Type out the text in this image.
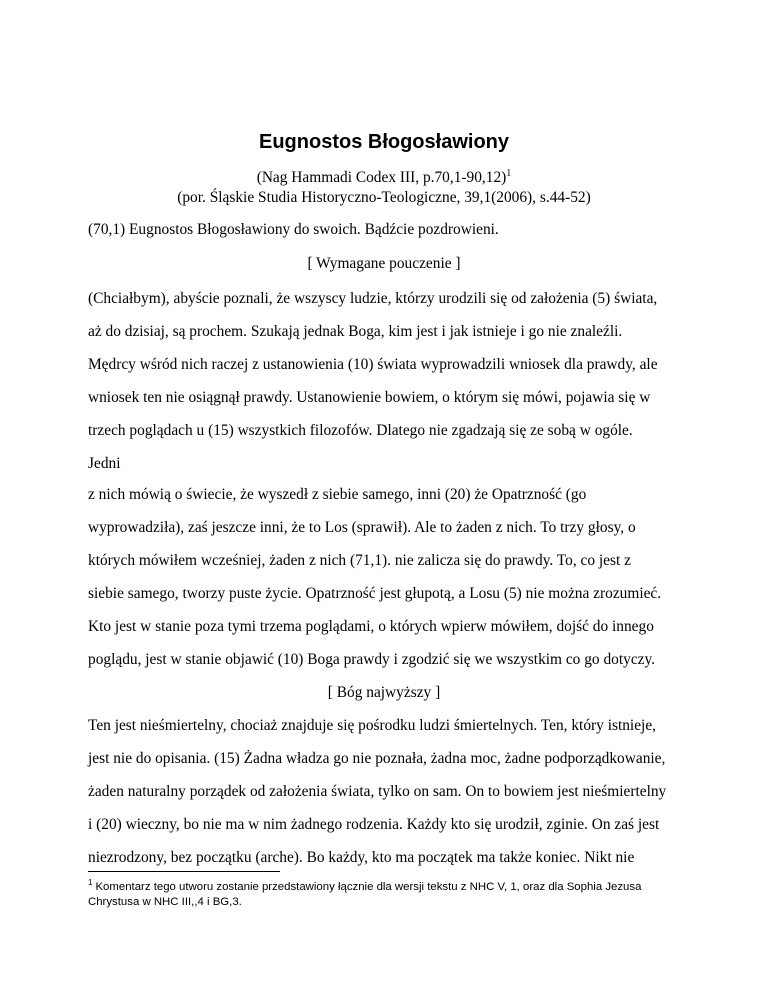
Eugnostos Błogosławiony
(Nag Hammadi Codex III, p.70,1-90,12)$^1$
(por. Śląskie Studia Historyczno-Teologiczne, 39,1(2006), s.44-52)
(70,1) Eugnostos Błogosławiony do swoich. Bądźcie pozdrowieni.
[ Wymagane pouczenie ]
(Chciałbym), abyście poznali, że wszyscy ludzie, którzy urodzili się od założenia (5) świata,
aż do dzisiaj, są prochem. Szukają jednak Boga, kim jest i jak istnieje i go nie znaleźli.
Mędrcy wśród nich raczej z ustanowienia (10) świata wyprowadzili wniosek dla prawdy, ale
wniosek ten nie osiągnął prawdy. Ustanowienie bowiem, o którym się mówi, pojawia się w
trzech poglądach u (15) wszystkich filozofów. Dlatego nie zgadzają się ze sobą w ogóle.
Jedni
z nich mówią o świecie, że wyszedł z siebie samego, inni (20) że Opatrzność (go
wyprowadziła), zaś jeszcze inni, że to Los (sprawił). Ale to żaden z nich. To trzy głosy, o
których mówiłem wcześniej, żaden z nich (71,1). nie zalicza się do prawdy. To, co jest z
siebie samego, tworzy puste życie. Opatrzność jest głupotą, a Losu (5) nie można zrozumieć.
Kto jest w stanie poza tymi trzema poglądami, o których wpierw mówiłem, dojść do innego
poglądu, jest w stanie objawić (10) Boga prawdy i zgodzić się we wszystkim co go dotyczy.
[ Bóg najwyższy ]
Ten jest nieśmiertelny, chociaż znajduje się pośrodku ludzi śmiertelnych. Ten, który istnieje,
jest nie do opisania. (15) Żadna władza go nie poznała, żadna moc, żadne podporządkowanie,
żaden naturalny porządek od założenia świata, tylko on sam. On to bowiem jest nieśmiertelny
i (20) wieczny, bo nie ma w nim żadnego rodzenia. Każdy kto się urodził, zginie. On zaś jest
niezrodzony, bez początku (arche). Bo każdy, kto ma początek ma także koniec. Nikt nie
$^1$ Komentarz tego utworu zostanie przedstawiony łącznie dla wersji tekstu z NHC V, 1, oraz dla Sophia Jezusa
Chrystusa w NHC III,,4 i BG,3.
